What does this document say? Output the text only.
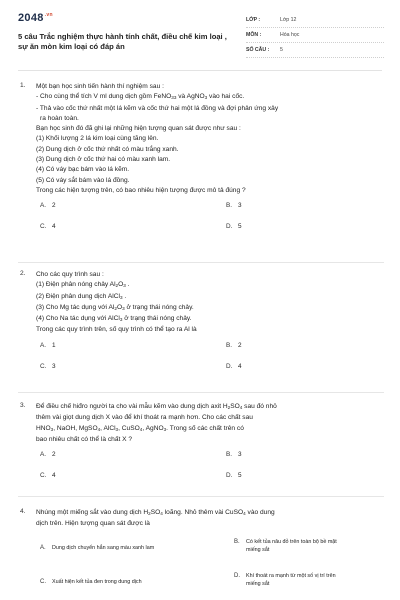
$2048^{.vn}$
5 câu Trắc nghiệm thực hành tính chất, điều chế kim loại ,
sự ăn mòn kim loại có đáp án
LỚP :	Lớp 12
MÔN :	Hóa học
SỐ CÂU : 5
1. Một bạn học sinh tiến hành thí nghiệm sau :
- Cho cùng thể tích V ml dung dịch gồm FeNO$_{33}$ và AgNO$_3$ vào hai cốc.
- Thả vào cốc thứ nhất một lá kẽm và cốc thứ hai một lá đồng và đợi phản ứng xảy
ra hoàn toàn.
Bạn học sinh đó đã ghi lại những hiện tượng quan sát được như sau :
(1) Khối lượng 2 lá kim loại cùng tăng lên.
(2) Dung dịch ở cốc thứ nhất có màu trắng xanh.
(3) Dung dịch ở cốc thứ hai có màu xanh lam.
(4) Có váy bạc bám vào lá kẽm.
(5) Có váy sắt bám vào lá đồng.
Trong các hiện tượng trên, có bao nhiêu hiện tượng được mô tả đúng ?
A. 2	B. 3
C. 4	D. 5
2. Cho các quy trình sau :
(1) Điện phân nóng chảy $Al_2O_3$ .
(2) Điện phân dung dịch AlCl$_3$ .
(3) Cho Mg tác dụng với $Al_2O_3$ ở trạng thái nóng chảy.
(4) Cho Na tác dụng với AlCl$_3$ ở trạng thái nóng chảy.
Trong các quy trình trên, số quy trình có thể tạo ra Al là
A. 1	B. 2
C. 3	D. 4
3. Để điều chế hiđro người ta cho vài mẫu kẽm vào dung dịch axit $H_2SO_4$ sau đó nhỏ
thêm vài giọt dung dịch X vào để khí thoát ra mạnh hơn. Cho các chất sau
$HNO_3$, NaOH, MgSO$_4$, AlCl$_3$, CuSO$_4$, AgNO$_3$. Trong số các chất trên có
bao nhiêu chất có thể là chất X ?
A. 2	B. 3
C. 4	D. 5
4. Nhúng một miếng sắt vào dung dịch $H_2SO_4$ loãng. Nhỏ thêm vài CuSO$_4$ vào dung
dịch trên. Hiện tượng quan sát được là
A. Dung dịch chuyển hẳn sang màu xanh lam
B. Có kết tủa nâu đỏ trên toàn bộ bề mặt
miếng sắt
C. Xuất hiện kết tủa đen trong dung dịch
D. Khí thoát ra mạnh từ một số vị trí trên
miếng sắt
